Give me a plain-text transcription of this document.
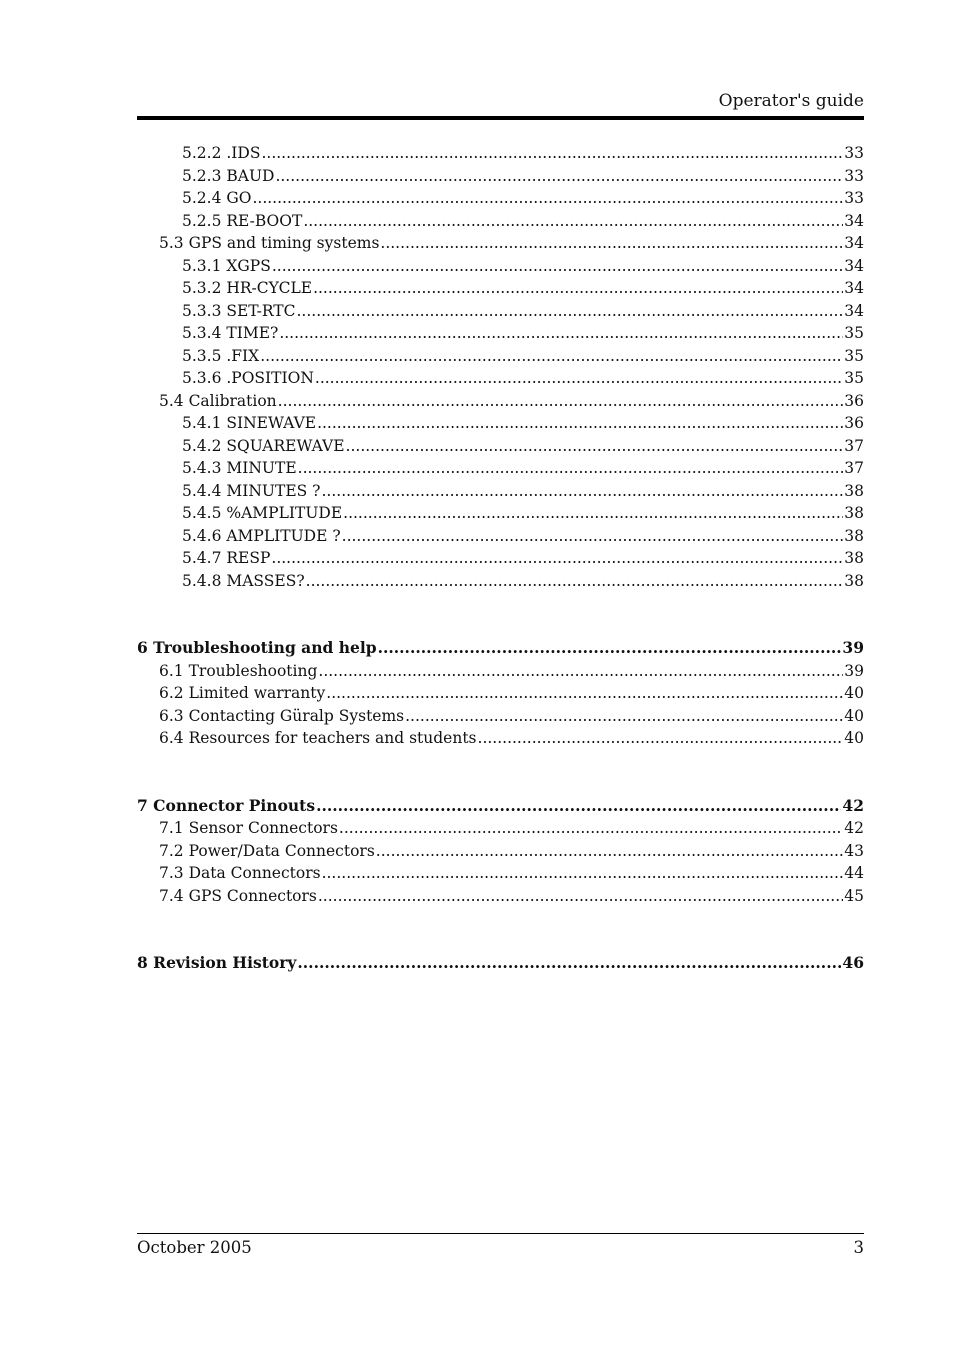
Operator's guide
5.2.2 .IDS .....	33
5.2.3 BAUD .....	33
5.2.4 GO .....	33
5.2.5 RE-BOOT .....	34
5.3 GPS and timing systems .....	34
5.3.1 XGPS .....	34
5.3.2 HR-CYCLE .....	34
5.3.3 SET-RTC .....	34
5.3.4 TIME? .....	35
5.3.5 .FIX .....	35
5.3.6 .POSITION .....	35
5.4 Calibration .....	36
5.4.1 SINEWAVE .....	36
5.4.2 SQUAREWAVE .....	37
5.4.3 MINUTE .....	37
5.4.4 MINUTES ? .....	38
5.4.5 %AMPLITUDE .....	38
5.4.6 AMPLITUDE ? .....	38
5.4.7 RESP .....	38
5.4.8 MASSES? .....	38
6 Troubleshooting and help .....	39
6.1 Troubleshooting .....	39
6.2 Limited warranty .....	40
6.3 Contacting Güralp Systems .....	40
6.4 Resources for teachers and students .....	40
7 Connector Pinouts .....	42
7.1 Sensor Connectors .....	42
7.2 Power/Data Connectors .....	43
7.3 Data Connectors .....	44
7.4 GPS Connectors .....	45
8 Revision History .....	46
October 2005	3
